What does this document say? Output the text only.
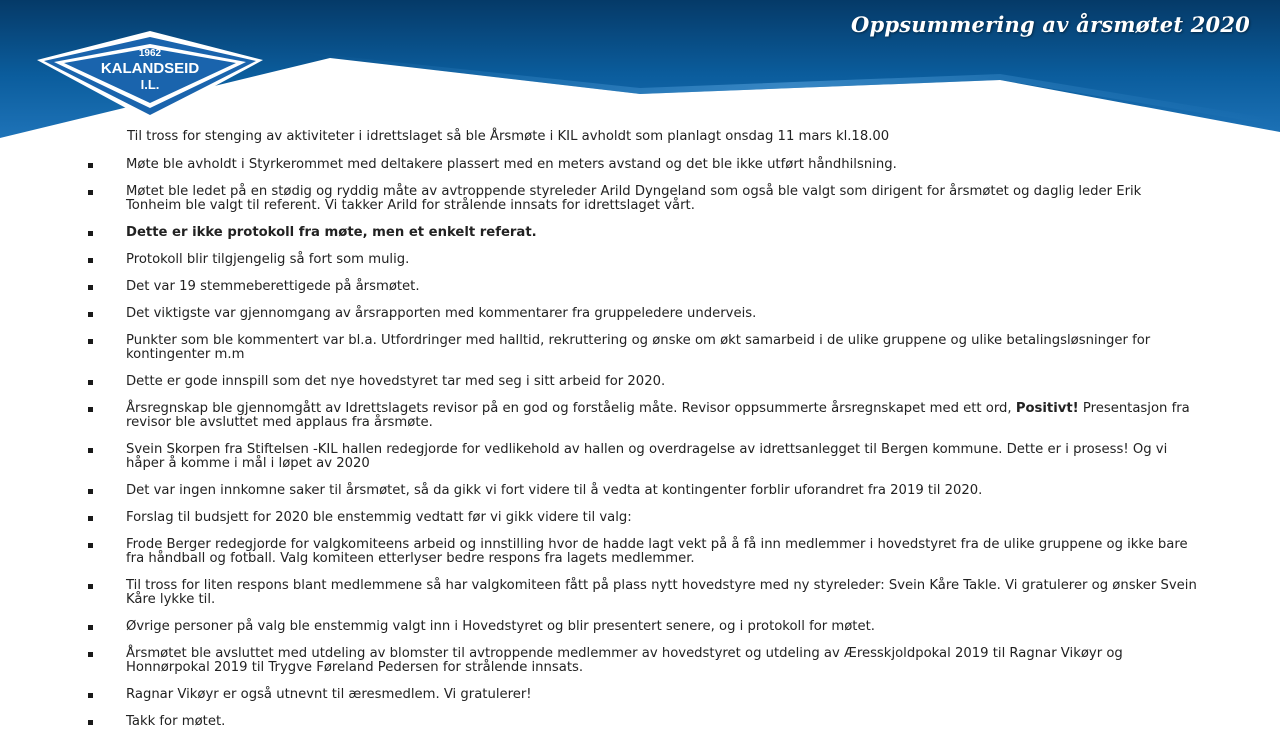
Oppsummering av årsmøtet 2020
1962
KALANDSEID
I.L.
Til tross for stenging av aktiviteter i idrettslaget så ble Årsmøte i KIL avholdt som planlagt onsdag 11 mars kl.18.00
Møte ble avholdt i Styrkerommet med deltakere plassert med en meters avstand og det ble ikke utført håndhilsning.
Møtet ble ledet på en stødig og ryddig måte av avtroppende styreleder Arild Dyngeland som også ble valgt som dirigent for årsmøtet og daglig leder Erik Tonheim ble valgt til referent. Vi takker Arild for strålende innsats for idrettslaget vårt.
Dette er ikke protokoll fra møte, men et enkelt referat.
Protokoll blir tilgjengelig så fort som mulig.
Det var 19 stemmeberettigede på årsmøtet.
Det viktigste var gjennomgang av årsrapporten med kommentarer fra gruppeledere underveis.
Punkter som ble kommentert var bl.a. Utfordringer med halltid, rekruttering og ønske om økt samarbeid i de ulike gruppene og ulike betalingsløsninger for kontingenter m.m
Dette er gode innspill som det nye hovedstyret tar med seg i sitt arbeid for 2020.
Årsregnskap ble gjennomgått av Idrettslagets revisor på en god og forståelig måte. Revisor oppsummerte årsregnskapet med ett ord, Positivt! Presentasjon fra revisor ble avsluttet med applaus fra årsmøte.
Svein Skorpen fra Stiftelsen -KIL hallen redegjorde for vedlikehold av hallen og overdragelse av idrettsanlegget til Bergen kommune. Dette er i prosess! Og vi håper å komme i mål i løpet av 2020
Det var ingen innkomne saker til årsmøtet, så da gikk vi fort videre til å vedta at kontingenter forblir uforandret fra 2019 til 2020.
Forslag til budsjett for 2020 ble enstemmig vedtatt før vi gikk videre til valg:
Frode Berger redegjorde for valgkomiteens arbeid og innstilling hvor de hadde lagt vekt på å få inn medlemmer i hovedstyret fra de ulike gruppene og ikke bare fra håndball og fotball. Valg komiteen etterlyser bedre respons fra lagets medlemmer.
Til tross for liten respons blant medlemmene så har valgkomiteen fått på plass nytt hovedstyre med ny styreleder: Svein Kåre Takle. Vi gratulerer og ønsker Svein Kåre lykke til.
Øvrige personer på valg ble enstemmig valgt inn i Hovedstyret og blir presentert senere, og i protokoll for møtet.
Årsmøtet ble avsluttet med utdeling av blomster til avtroppende medlemmer av hovedstyret og utdeling av Æresskjoldpokal 2019 til Ragnar Vikøyr og Honnørpokal 2019 til Trygve Føreland Pedersen for strålende innsats.
Ragnar Vikøyr er også utnevnt til æresmedlem. Vi gratulerer!
Takk for møtet.
